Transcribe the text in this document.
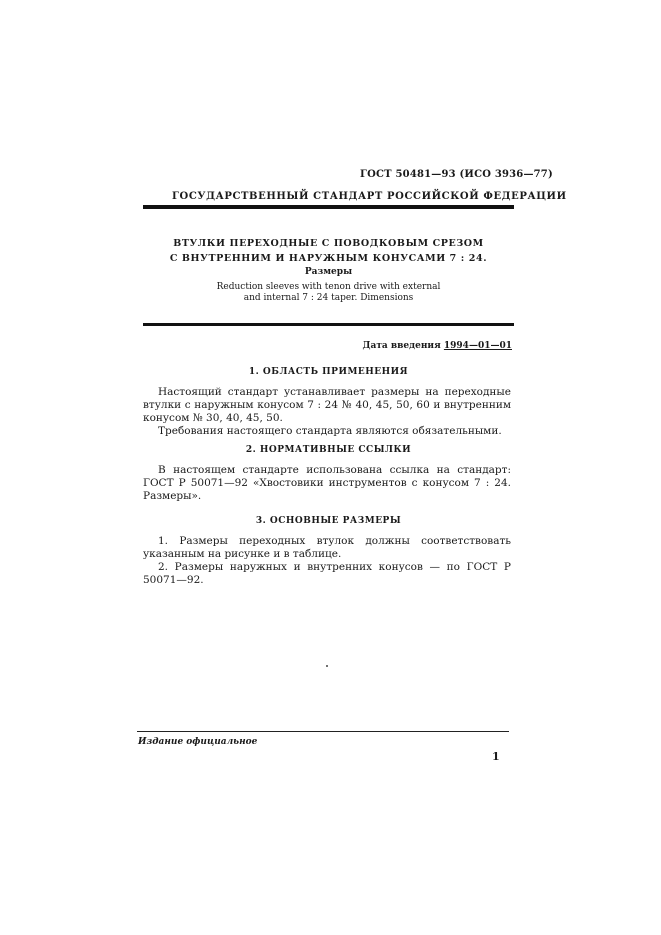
ГОСТ 50481—93 (ИСО 3936—77)
ГОСУДАРСТВЕННЫЙ СТАНДАРТ РОССИЙСКОЙ ФЕДЕРАЦИИ
ВТУЛКИ ПЕРЕХОДНЫЕ С ПОВОДКОВЫМ СРЕЗОМ
С ВНУТРЕННИМ И НАРУЖНЫМ КОНУСАМИ 7 : 24.
Размеры
Reduction sleeves with tenon drive with external
and internal 7 : 24 taper. Dimensions
Дата введения 1994—01—01
1. ОБЛАСТЬ ПРИМЕНЕНИЯ

Настоящий стандарт устанавливает размеры на переходные втулки с наружным конусом 7 : 24 № 40, 45, 50, 60 и внутренним конусом № 30, 40, 45, 50.

Требования настоящего стандарта являются обязательными.

2. НОРМАТИВНЫЕ ССЫЛКИ

В настоящем стандарте использована ссылка на стандарт: ГОСТ Р 50071—92 «Хвостовики инструментов с конусом 7 : 24. Размеры».

3. ОСНОВНЫЕ РАЗМЕРЫ

1. Размеры переходных втулок должны соответствовать указанным на рисунке и в таблице.

2. Размеры наружных и внутренних конусов — по ГОСТ Р 50071—92.

Издание официальное
1
